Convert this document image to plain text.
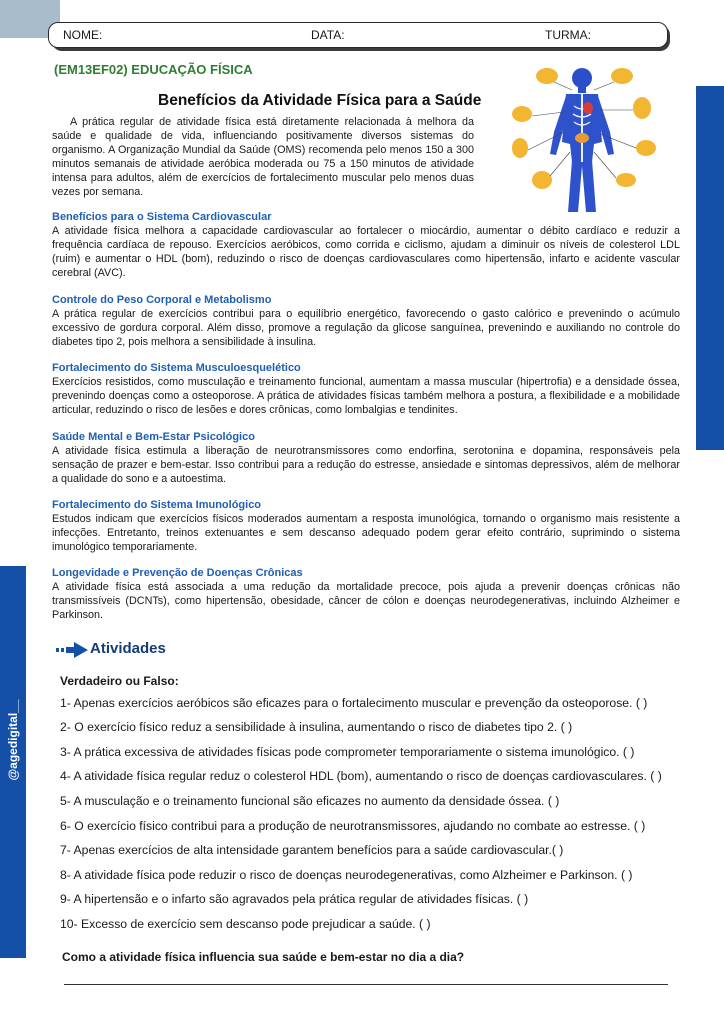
@agedigital__
NOME:	DATA:	TURMA:
(EM13EF02) EDUCAÇÃO FÍSICA
Benefícios da Atividade Física para a Saúde

A prática regular de atividade física está diretamente relacionada à melhora da saúde e qualidade de vida, influenciando positivamente diversos sistemas do organismo. A Organização Mundial da Saúde (OMS) recomenda pelo menos 150 a 300 minutos semanais de atividade aeróbica moderada ou 75 a 150 minutos de atividade intensa para adultos, além de exercícios de fortalecimento muscular pelo menos duas vezes por semana.

Benefícios para o Sistema Cardiovascular

A atividade física melhora a capacidade cardiovascular ao fortalecer o miocárdio, aumentar o débito cardíaco e reduzir a frequência cardíaca de repouso. Exercícios aeróbicos, como corrida e ciclismo, ajudam a diminuir os níveis de colesterol LDL (ruim) e aumentar o HDL (bom), reduzindo o risco de doenças cardiovasculares como hipertensão, infarto e acidente vascular cerebral (AVC).

Controle do Peso Corporal e Metabolismo

A prática regular de exercícios contribui para o equilíbrio energético, favorecendo o gasto calórico e prevenindo o acúmulo excessivo de gordura corporal. Além disso, promove a regulação da glicose sanguínea, prevenindo e auxiliando no controle do diabetes tipo 2, pois melhora a sensibilidade à insulina.

Fortalecimento do Sistema Musculoesquelético

Exercícios resistidos, como musculação e treinamento funcional, aumentam a massa muscular (hipertrofia) e a densidade óssea, prevenindo doenças como a osteoporose. A prática de atividades físicas também melhora a postura, a flexibilidade e a mobilidade articular, reduzindo o risco de lesões e dores crônicas, como lombalgias e tendinites.

Saúde Mental e Bem-Estar Psicológico

A atividade física estimula a liberação de neurotransmissores como endorfina, serotonina e dopamina, responsáveis pela sensação de prazer e bem-estar. Isso contribui para a redução do estresse, ansiedade e sintomas depressivos, além de melhorar a qualidade do sono e a autoestima.

Fortalecimento do Sistema Imunológico

Estudos indicam que exercícios físicos moderados aumentam a resposta imunológica, tornando o organismo mais resistente a infecções. Entretanto, treinos extenuantes e sem descanso adequado podem gerar efeito contrário, suprimindo o sistema imunológico temporariamente.

Longevidade e Prevenção de Doenças Crônicas

A atividade física está associada a uma redução da mortalidade precoce, pois ajuda a prevenir doenças crônicas não transmissíveis (DCNTs), como hipertensão, obesidade, câncer de cólon e doenças neurodegenerativas, incluindo Alzheimer e Parkinson.

Atividades
Verdadeiro ou Falso:
1- Apenas exercícios aeróbicos são eficazes para o fortalecimento muscular e prevenção da osteoporose. ( )
2- O exercício físico reduz a sensibilidade à insulina, aumentando o risco de diabetes tipo 2. ( )
3- A prática excessiva de atividades físicas pode comprometer temporariamente o sistema imunológico. ( )
4- A atividade física regular reduz o colesterol HDL (bom), aumentando o risco de doenças cardiovasculares. ( )
5- A musculação e o treinamento funcional são eficazes no aumento da densidade óssea. ( )
6- O exercício físico contribui para a produção de neurotransmissores, ajudando no combate ao estresse. ( )
7- Apenas exercícios de alta intensidade garantem benefícios para a saúde cardiovascular.( )
8- A atividade física pode reduzir o risco de doenças neurodegenerativas, como Alzheimer e Parkinson. ( )
9- A hipertensão e o infarto são agravados pela prática regular de atividades físicas. ( )
10- Excesso de exercício sem descanso pode prejudicar a saúde. ( )
Como a atividade física influencia sua saúde e bem-estar no dia a dia?
